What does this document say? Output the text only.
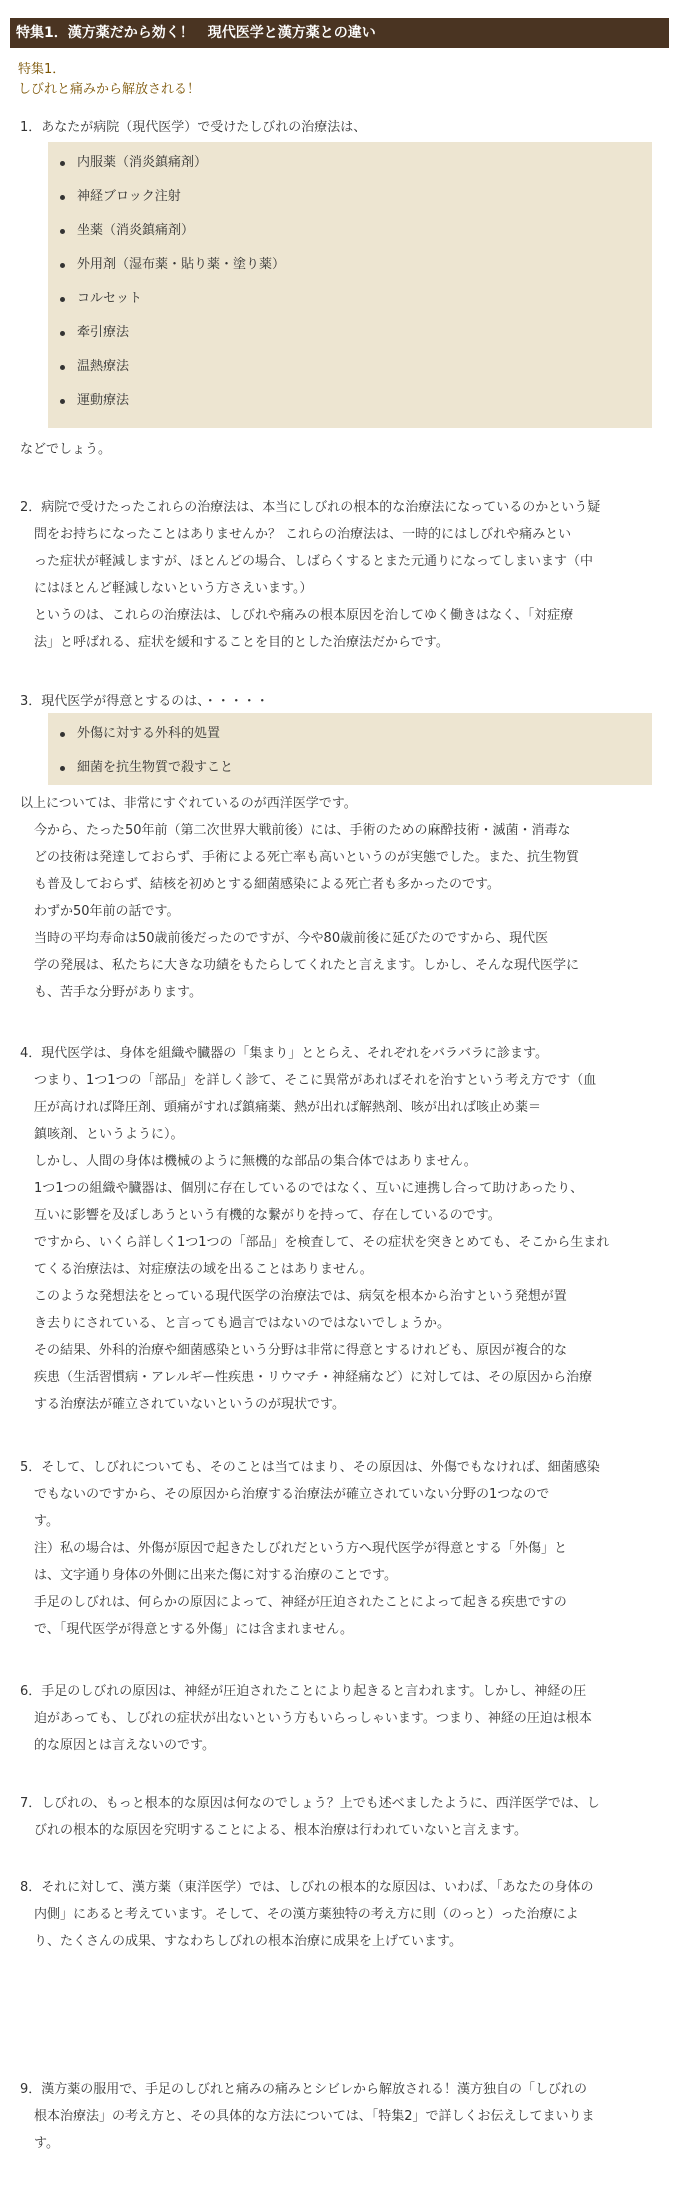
特集1．漢方薬だから効く！　現代医学と漢方薬との違い
特集1．
しびれと痛みから解放される！
1．あなたが病院（現代医学）で受けたしびれの治療法は、
内服薬（消炎鎮痛剤）
神経ブロック注射
坐薬（消炎鎮痛剤）
外用剤（湿布薬・貼り薬・塗り薬）
コルセット
牽引療法
温熱療法
運動療法
などでしょう。
2．病院で受けたったこれらの治療法は、本当にしびれの根本的な治療法になっているのかという疑
問をお持ちになったことはありませんか？ これらの治療法は、一時的にはしびれや痛みとい
った症状が軽減しますが、ほとんどの場合、しばらくするとまた元通りになってしまいます（中
にはほとんど軽減しないという方さえいます。）
というのは、これらの治療法は、しびれや痛みの根本原因を治してゆく働きはなく、「対症療
法」と呼ばれる、症状を緩和することを目的とした治療法だからです。
3．現代医学が得意とするのは、・・・・・
外傷に対する外科的処置
細菌を抗生物質で殺すこと
以上については、非常にすぐれているのが西洋医学です。
今から、たった50年前（第二次世界大戦前後）には、手術のための麻酔技術・滅菌・消毒な
どの技術は発達しておらず、手術による死亡率も高いというのが実態でした。また、抗生物質
も普及しておらず、結核を初めとする細菌感染による死亡者も多かったのです。
わずか50年前の話です。
当時の平均寿命は50歳前後だったのですが、今や80歳前後に延びたのですから、現代医
学の発展は、私たちに大きな功績をもたらしてくれたと言えます。しかし、そんな現代医学に
も、苦手な分野があります。
4．現代医学は、身体を組織や臓器の「集まり」ととらえ、それぞれをバラバラに診ます。
つまり、1つ1つの「部品」を詳しく診て、そこに異常があればそれを治すという考え方です（血
圧が高ければ降圧剤、頭痛がすれば鎮痛薬、熱が出れば解熱剤、咳が出れば咳止め薬＝
鎮咳剤、というように）。
しかし、人間の身体は機械のように無機的な部品の集合体ではありません。
1つ1つの組織や臓器は、個別に存在しているのではなく、互いに連携し合って助けあったり、
互いに影響を及ぼしあうという有機的な繋がりを持って、存在しているのです。
ですから、いくら詳しく1つ1つの「部品」を検査して、その症状を突きとめても、そこから生まれ
てくる治療法は、対症療法の域を出ることはありません。
このような発想法をとっている現代医学の治療法では、病気を根本から治すという発想が置
き去りにされている、と言っても過言ではないのではないでしょうか。
その結果、外科的治療や細菌感染という分野は非常に得意とするけれども、原因が複合的な
疾患（生活習慣病・アレルギー性疾患・リウマチ・神経痛など）に対しては、その原因から治療
する治療法が確立されていないというのが現状です。
5．そして、しびれについても、そのことは当てはまり、その原因は、外傷でもなければ、細菌感染
でもないのですから、その原因から治療する治療法が確立されていない分野の1つなので
す。
注）私の場合は、外傷が原因で起きたしびれだという方へ現代医学が得意とする「外傷」と
は、文字通り身体の外側に出来た傷に対する治療のことです。
手足のしびれは、何らかの原因によって、神経が圧迫されたことによって起きる疾患ですの
で、「現代医学が得意とする外傷」には含まれません。
6．手足のしびれの原因は、神経が圧迫されたことにより起きると言われます。しかし、神経の圧
迫があっても、しびれの症状が出ないという方もいらっしゃいます。つまり、神経の圧迫は根本
的な原因とは言えないのです。
7．しびれの、もっと根本的な原因は何なのでしょう？上でも述べましたように、西洋医学では、し
びれの根本的な原因を究明することによる、根本治療は行われていないと言えます。
8．それに対して、漢方薬（東洋医学）では、しびれの根本的な原因は、いわば、「あなたの身体の
内側」にあると考えています。そして、その漢方薬独特の考え方に則（のっと）った治療によ
り、たくさんの成果、すなわちしびれの根本治療に成果を上げています。
9．漢方薬の服用で、手足のしびれと痛みの痛みとシビレから解放される！漢方独自の「しびれの
根本治療法」の考え方と、その具体的な方法については、「特集2」で詳しくお伝えしてまいりま
す。
